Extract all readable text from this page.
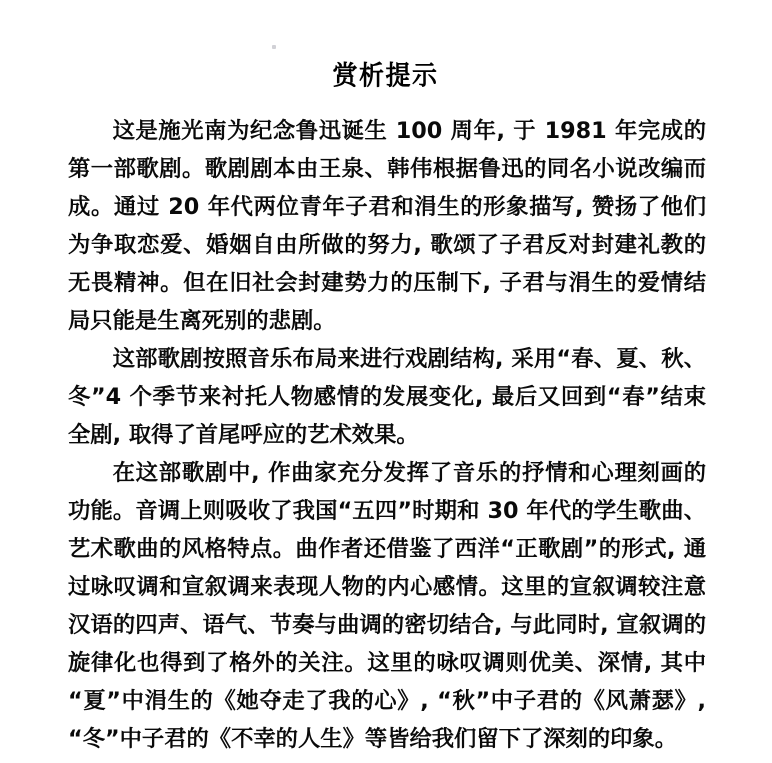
赏析提示

这是施光南为纪念鲁迅诞生 100 周年, 于 1981 年完成的第一部歌剧。歌剧剧本由王泉、韩伟根据鲁迅的同名小说改编而成。通过 20 年代两位青年子君和涓生的形象描写, 赞扬了他们为争取恋爱、婚姻自由所做的努力, 歌颂了子君反对封建礼教的无畏精神。但在旧社会封建势力的压制下, 子君与涓生的爱情结局只能是生离死别的悲剧。

这部歌剧按照音乐布局来进行戏剧结构, 采用“春、夏、秋、冬”4 个季节来衬托人物感情的发展变化, 最后又回到“春”结束全剧, 取得了首尾呼应的艺术效果。

在这部歌剧中, 作曲家充分发挥了音乐的抒情和心理刻画的功能。音调上则吸收了我国“五四”时期和 30 年代的学生歌曲、艺术歌曲的风格特点。曲作者还借鉴了西洋“正歌剧”的形式, 通过咏叹调和宣叙调来表现人物的内心感情。这里的宣叙调较注意汉语的四声、语气、节奏与曲调的密切结合, 与此同时, 宣叙调的旋律化也得到了格外的关注。这里的咏叹调则优美、深情, 其中“夏”中涓生的《她夺走了我的心》, “秋”中子君的《风萧瑟》, “冬”中子君的《不幸的人生》等皆给我们留下了深刻的印象。
